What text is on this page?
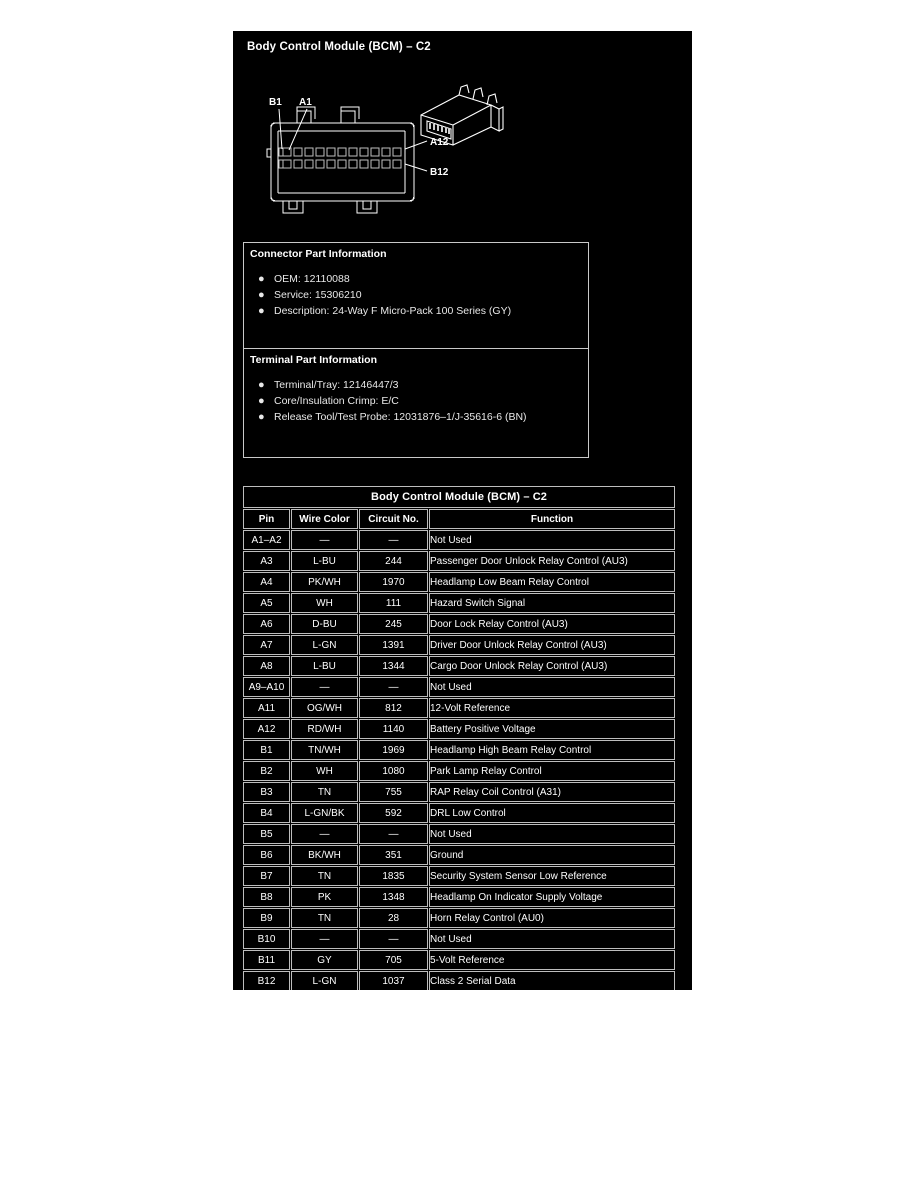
Body Control Module (BCM) – C2
B1 A1
A12
B12
Connector Part Information
● OEM: 12110088
● Service: 15306210
● Description: 24-Way F Micro-Pack 100 Series (GY)
Terminal Part Information
● Terminal/Tray: 12146447/3
● Core/Insulation Crimp: E/C
● Release Tool/Test Probe: 12031876–1/J-35616-6 (BN)
Body Control Module (BCM) – C2			
Pin	Wire Color	Circuit No.	Function
A1–A2	—	—	Not Used
A3	L-BU	244	Passenger Door Unlock Relay Control (AU3)
A4	PK/WH	1970	Headlamp Low Beam Relay Control
A5	WH	111	Hazard Switch Signal
A6	D-BU	245	Door Lock Relay Control (AU3)
A7	L-GN	1391	Driver Door Unlock Relay Control (AU3)
A8	L-BU	1344	Cargo Door Unlock Relay Control (AU3)
A9–A10	—	—	Not Used
A11	OG/WH	812	12-Volt Reference
A12	RD/WH	1140	Battery Positive Voltage
B1	TN/WH	1969	Headlamp High Beam Relay Control
B2	WH	1080	Park Lamp Relay Control
B3	TN	755	RAP Relay Coil Control (A31)
B4	L-GN/BK	592	DRL Low Control
B5	—	—	Not Used
B6	BK/WH	351	Ground
B7	TN	1835	Security System Sensor Low Reference
B8	PK	1348	Headlamp On Indicator Supply Voltage
B9	TN	28	Horn Relay Control (AU0)
B10	—	—	Not Used
B11	GY	705	5-Volt Reference
B12	L-GN	1037	Class 2 Serial Data
